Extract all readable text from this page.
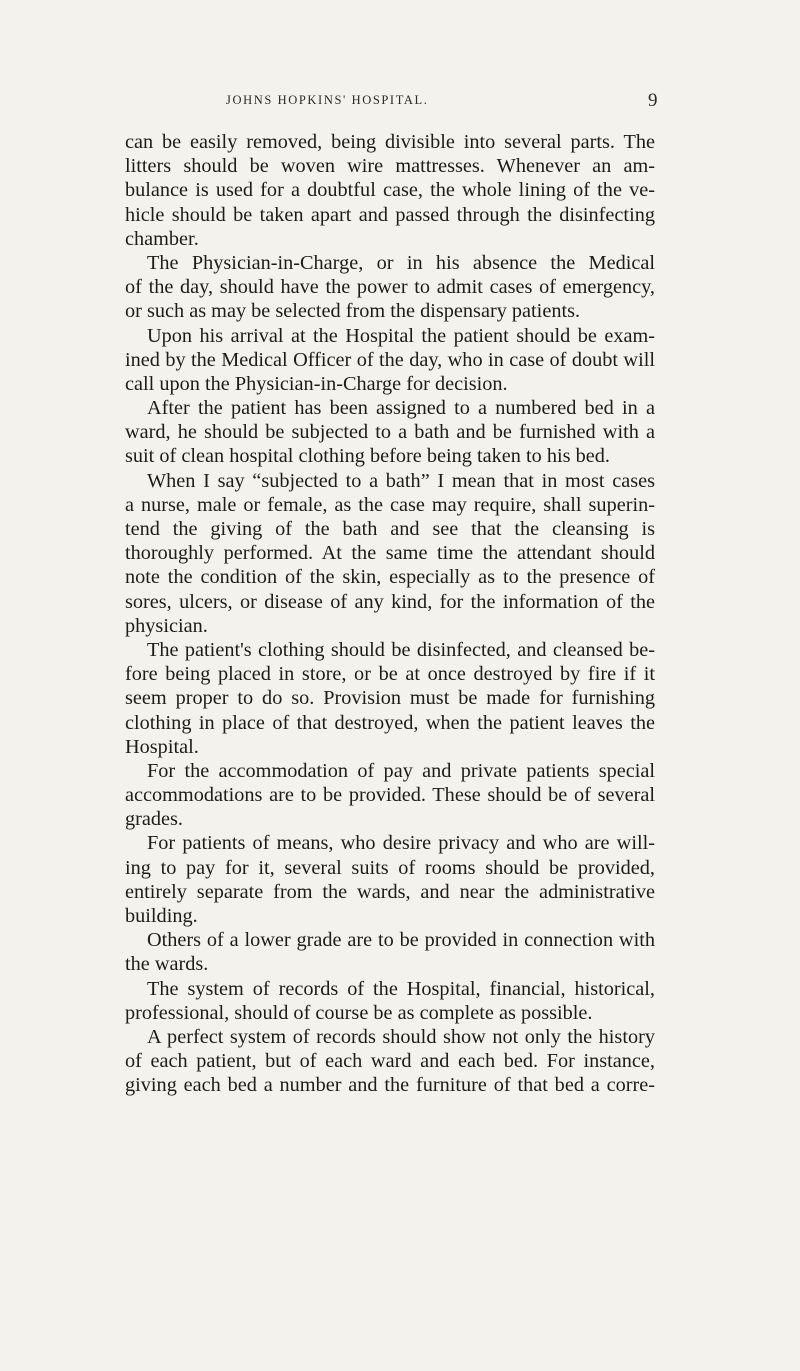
JOHNS HOPKINS' HOSPITAL.	9
can be easily removed, being divisible into several parts. The
litters should be woven wire mattresses. Whenever an am-
bulance is used for a doubtful case, the whole lining of the ve-
hicle should be taken apart and passed through the disinfecting
chamber.
The Physician-in-Charge, or in his absence the Medical
of the day, should have the power to admit cases of emergency,
or such as may be selected from the dispensary patients.
Upon his arrival at the Hospital the patient should be exam-
ined by the Medical Officer of the day, who in case of doubt will
call upon the Physician-in-Charge for decision.
After the patient has been assigned to a numbered bed in a
ward, he should be subjected to a bath and be furnished with a
suit of clean hospital clothing before being taken to his bed.
When I say “subjected to a bath” I mean that in most cases
a nurse, male or female, as the case may require, shall superin-
tend the giving of the bath and see that the cleansing is
thoroughly performed. At the same time the attendant should
note the condition of the skin, especially as to the presence of
sores, ulcers, or disease of any kind, for the information of the
physician.
The patient's clothing should be disinfected, and cleansed be-
fore being placed in store, or be at once destroyed by fire if it
seem proper to do so. Provision must be made for furnishing
clothing in place of that destroyed, when the patient leaves the
Hospital.
For the accommodation of pay and private patients special
accommodations are to be provided. These should be of several
grades.
For patients of means, who desire privacy and who are will-
ing to pay for it, several suits of rooms should be provided,
entirely separate from the wards, and near the administrative
building.
Others of a lower grade are to be provided in connection with
the wards.
The system of records of the Hospital, financial, historical,
professional, should of course be as complete as possible.
A perfect system of records should show not only the history
of each patient, but of each ward and each bed. For instance,
giving each bed a number and the furniture of that bed a corre-
